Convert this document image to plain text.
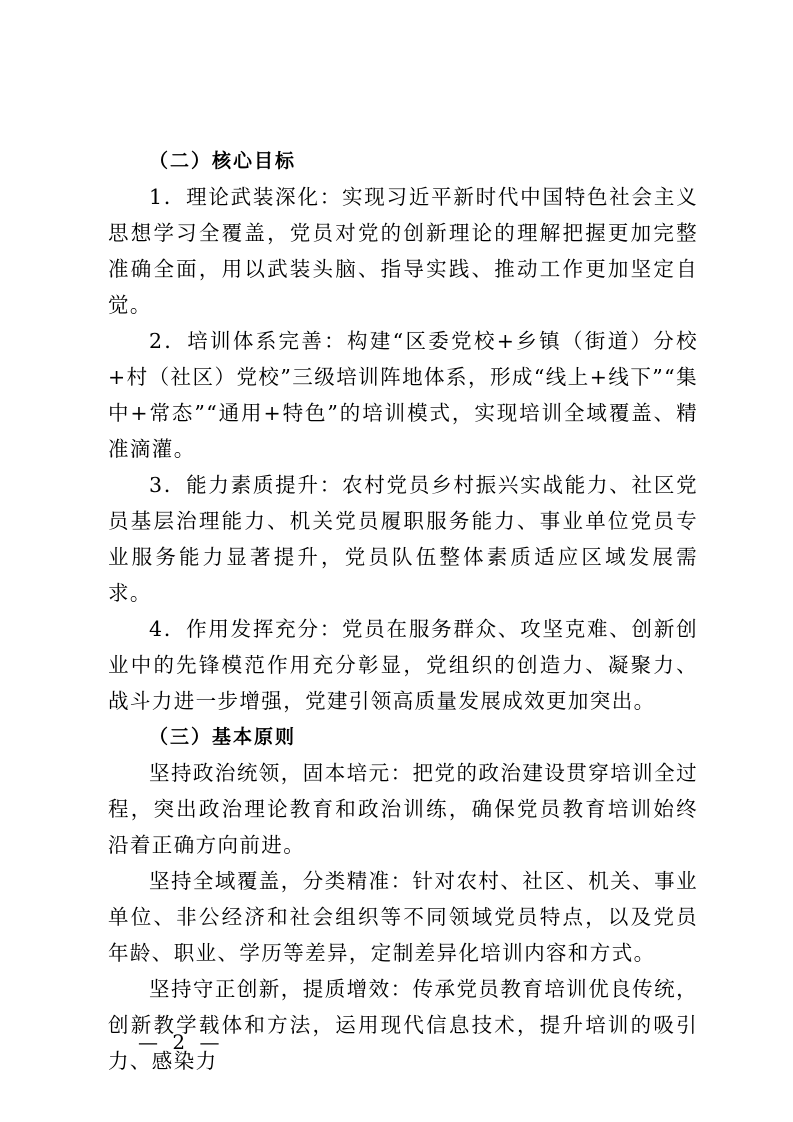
（二）核心目标

1．理论武装深化：实现习近平新时代中国特色社会主义思想学习全覆盖，党员对党的创新理论的理解把握更加完整准确全面，用以武装头脑、指导实践、推动工作更加坚定自觉。

2．培训体系完善：构建“区委党校+乡镇（街道）分校+村（社区）党校”三级培训阵地体系，形成“线上+线下”“集中+常态”“通用+特色”的培训模式，实现培训全域覆盖、精准滴灌。

3．能力素质提升：农村党员乡村振兴实战能力、社区党员基层治理能力、机关党员履职服务能力、事业单位党员专业服务能力显著提升，党员队伍整体素质适应区域发展需求。

4．作用发挥充分：党员在服务群众、攻坚克难、创新创业中的先锋模范作用充分彰显，党组织的创造力、凝聚力、战斗力进一步增强，党建引领高质量发展成效更加突出。

（三）基本原则

坚持政治统领，固本培元：把党的政治建设贯穿培训全过程，突出政治理论教育和政治训练，确保党员教育培训始终沿着正确方向前进。

坚持全域覆盖，分类精准：针对农村、社区、机关、事业单位、非公经济和社会组织等不同领域党员特点，以及党员年龄、职业、学历等差异，定制差异化培训内容和方式。

坚持守正创新，提质增效：传承党员教育培训优良传统，创新教学载体和方法，运用现代信息技术，提升培训的吸引力、感染力

— 2 —
